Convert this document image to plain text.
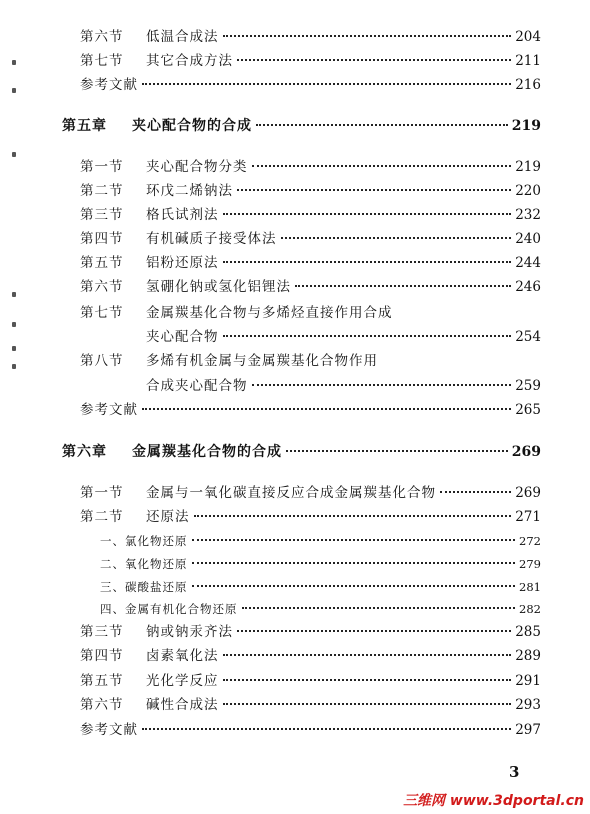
第六节	低温合成法	204
第七节	其它合成方法	211
参考文献	216
第五章	夹心配合物的合成	219
第一节	夹心配合物分类	219
第二节	环戊二烯钠法	220
第三节	格氏试剂法	232
第四节	有机碱质子接受体法	240
第五节	铝粉还原法	244
第六节	氢硼化钠或氢化铝锂法	246
第七节	金属羰基化合物与多烯烃直接作用合成
夹心配合物	254
第八节	多烯有机金属与金属羰基化合物作用
合成夹心配合物	259
参考文献	265
第六章	金属羰基化合物的合成	269
第一节	金属与一氧化碳直接反应合成金属羰基化合物	269
第二节	还原法	271
一、 氯化物还原	272
二、 氧化物还原	279
三、 碳酸盐还原	281
四、 金属有机化合物还原	282
第三节	钠或钠汞齐法	285
第四节	卤素氧化法	289
第五节	光化学反应	291
第六节	碱性合成法	293
参考文献	297
3
三维网 www.3dportal.cn
